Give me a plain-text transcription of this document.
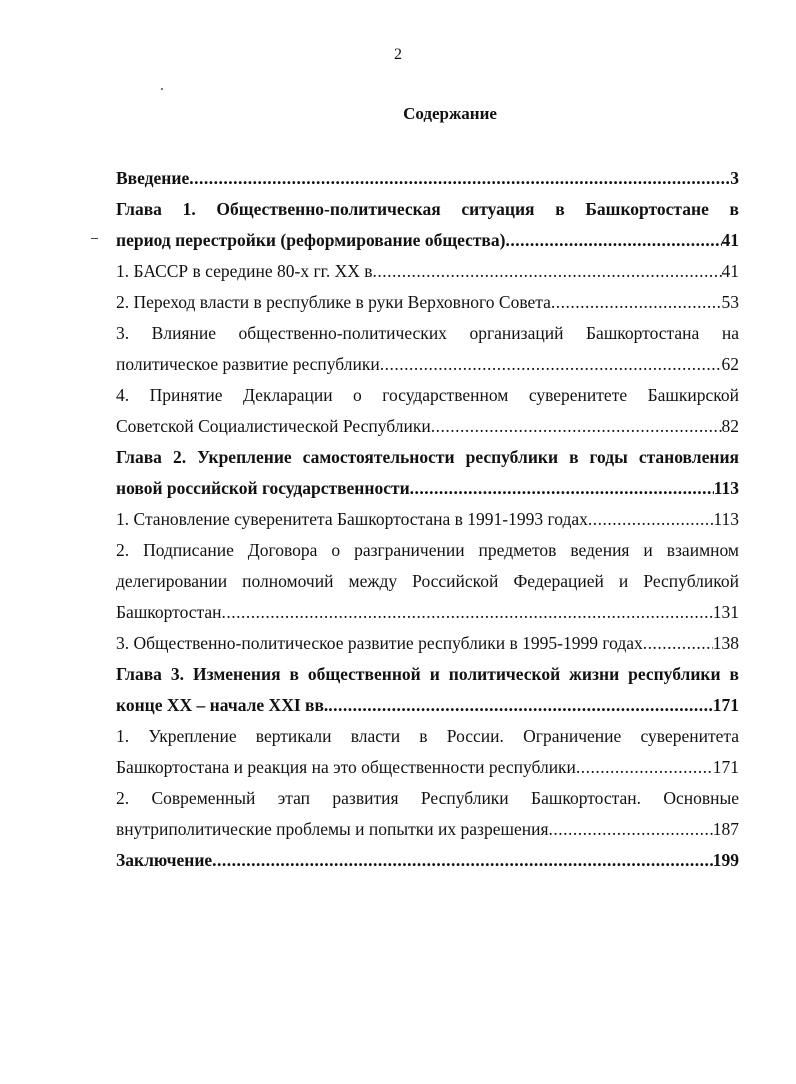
2
Содержание
Введение .....	3
Глава 1. Общественно-политическая ситуация в Башкортостане в
период перестройки (реформирование общества) .....	41
1. БАССР в середине 80-х гг. XX в .....	41
2. Переход власти в республике в руки Верховного Совета .....	53
3. Влияние общественно-политических организаций Башкортостана на
политическое развитие республики .....	62
4. Принятие Декларации о государственном суверенитете Башкирской
Советской Социалистической Республики .....	82
Глава 2. Укрепление самостоятельности республики в годы становления
новой российской государственности .....	113
1. Становление суверенитета Башкортостана в 1991-1993 годах .....	113
2. Подписание Договора о разграничении предметов ведения и взаимном
делегировании полномочий между Российской Федерацией и Республикой
Башкортостан .....	131
3. Общественно-политическое развитие республики в 1995-1999 годах .....	138
Глава 3. Изменения в общественной и политической жизни республики в
конце XX – начале XXI вв. .....	171
1. Укрепление вертикали власти в России. Ограничение суверенитета
Башкортостана и реакция на это общественности республики .....	171
2. Современный этап развития Республики Башкортостан. Основные
внутриполитические проблемы и попытки их разрешения .....	187
Заключение .....	199
